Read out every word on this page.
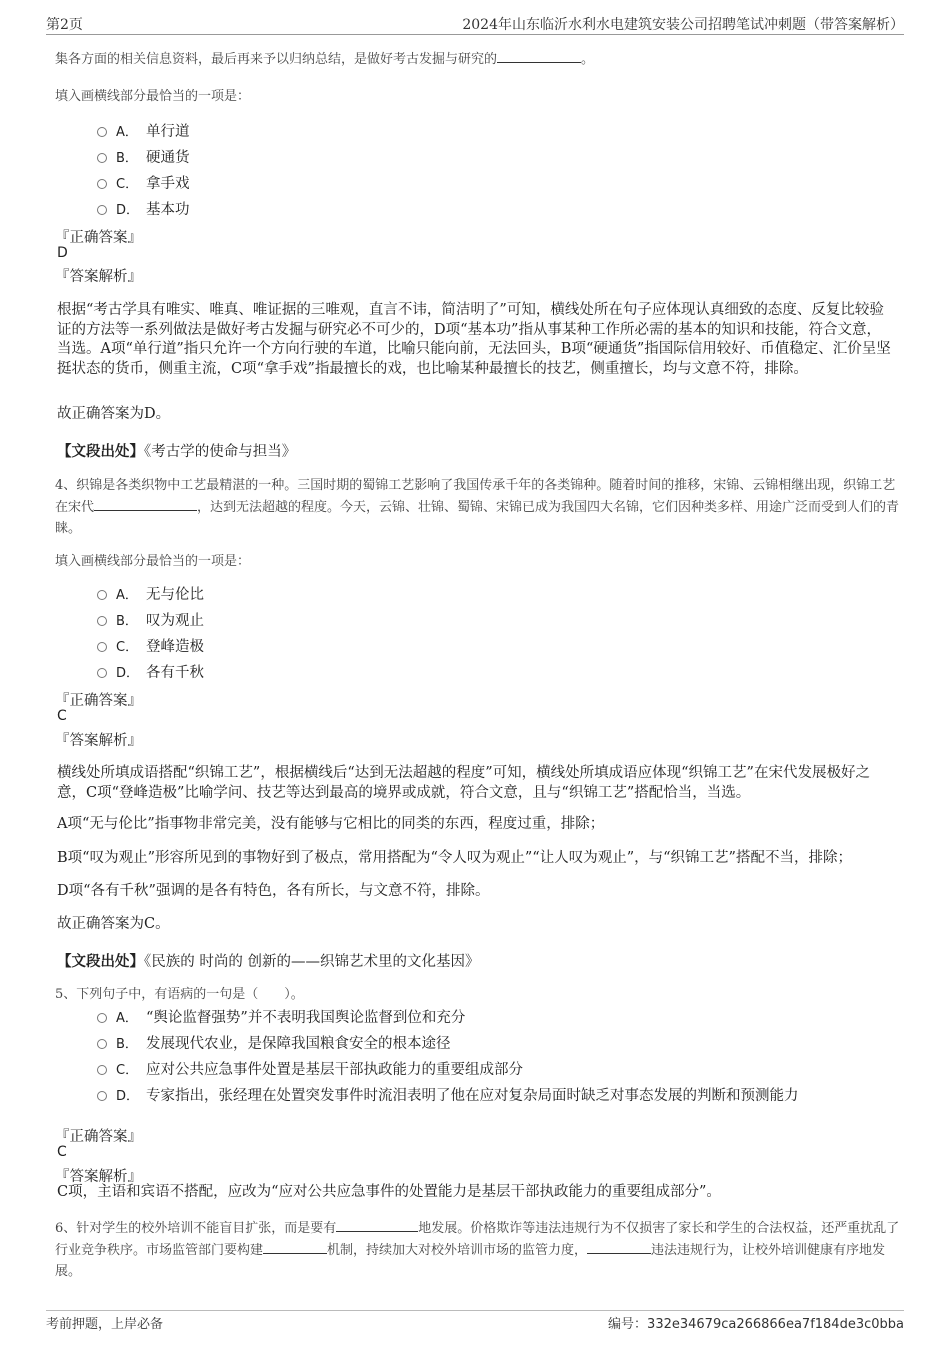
第2页	2024年山东临沂水利水电建筑安装公司招聘笔试冲刺题（带答案解析）
集各方面的相关信息资料，最后再来予以归纳总结，是做好考古发掘与研究的	。
填入画横线部分最恰当的一项是：
A． 单行道
B． 硬通货
C． 拿手戏
D． 基本功
『正确答案』
D
『答案解析』
根据“考古学具有唯实、唯真、唯证据的三唯观，直言不讳，简洁明了”可知，横线处所在句子应体现认真细致的态度、反复比较验证的方法等一系列做法是做好考古发掘与研究必不可少的，D项“基本功”指从事某种工作所必需的基本的知识和技能，符合文意，当选。A项“单行道”指只允许一个方向行驶的车道，比喻只能向前，无法回头，B项“硬通货”指国际信用较好、币值稳定、汇价呈坚挺状态的货币，侧重主流，C项“拿手戏”指最擅长的戏，也比喻某种最擅长的技艺，侧重擅长，均与文意不符，排除。
故正确答案为D。
【文段出处】《考古学的使命与担当》
4、织锦是各类织物中工艺最精湛的一种。三国时期的蜀锦工艺影响了我国传承千年的各类锦种。随着时间的推移，宋锦、云锦相继出现，织锦工艺在宋代	，达到无法超越的程度。今天，云锦、壮锦、蜀锦、宋锦已成为我国四大名锦，它们因种类多样、用途广泛而受到人们的青睐。
填入画横线部分最恰当的一项是：
A． 无与伦比
B． 叹为观止
C． 登峰造极
D． 各有千秋
『正确答案』
C
『答案解析』
横线处所填成语搭配“织锦工艺”，根据横线后“达到无法超越的程度”可知，横线处所填成语应体现“织锦工艺”在宋代发展极好之意，C项“登峰造极”比喻学问、技艺等达到最高的境界或成就，符合文意，且与“织锦工艺”搭配恰当，当选。
A项“无与伦比”指事物非常完美，没有能够与它相比的同类的东西，程度过重，排除；
B项“叹为观止”形容所见到的事物好到了极点，常用搭配为“令人叹为观止”“让人叹为观止”，与“织锦工艺”搭配不当，排除；
D项“各有千秋”强调的是各有特色，各有所长，与文意不符，排除。
故正确答案为C。
【文段出处】《民族的 时尚的 创新的——织锦艺术里的文化基因》
5、下列句子中，有语病的一句是（　　）。
A． “舆论监督强势”并不表明我国舆论监督到位和充分
B． 发展现代农业，是保障我国粮食安全的根本途径
C． 应对公共应急事件处置是基层干部执政能力的重要组成部分
D． 专家指出，张经理在处置突发事件时流泪表明了他在应对复杂局面时缺乏对事态发展的判断和预测能力
『正确答案』
C
『答案解析』
C项，主语和宾语不搭配，应改为“应对公共应急事件的处置能力是基层干部执政能力的重要组成部分”。
6、针对学生的校外培训不能盲目扩张，而是要有	地发展。价格欺诈等违法违规行为不仅损害了家长和学生的合法权益，还严重扰乱了行业竞争秩序。市场监管部门要构建	机制，持续加大对校外培训市场的监管力度，	违法违规行为，让校外培训健康有序地发展。
考前押题，上岸必备	编号：332e34679ca266866ea7f184de3c0bba
